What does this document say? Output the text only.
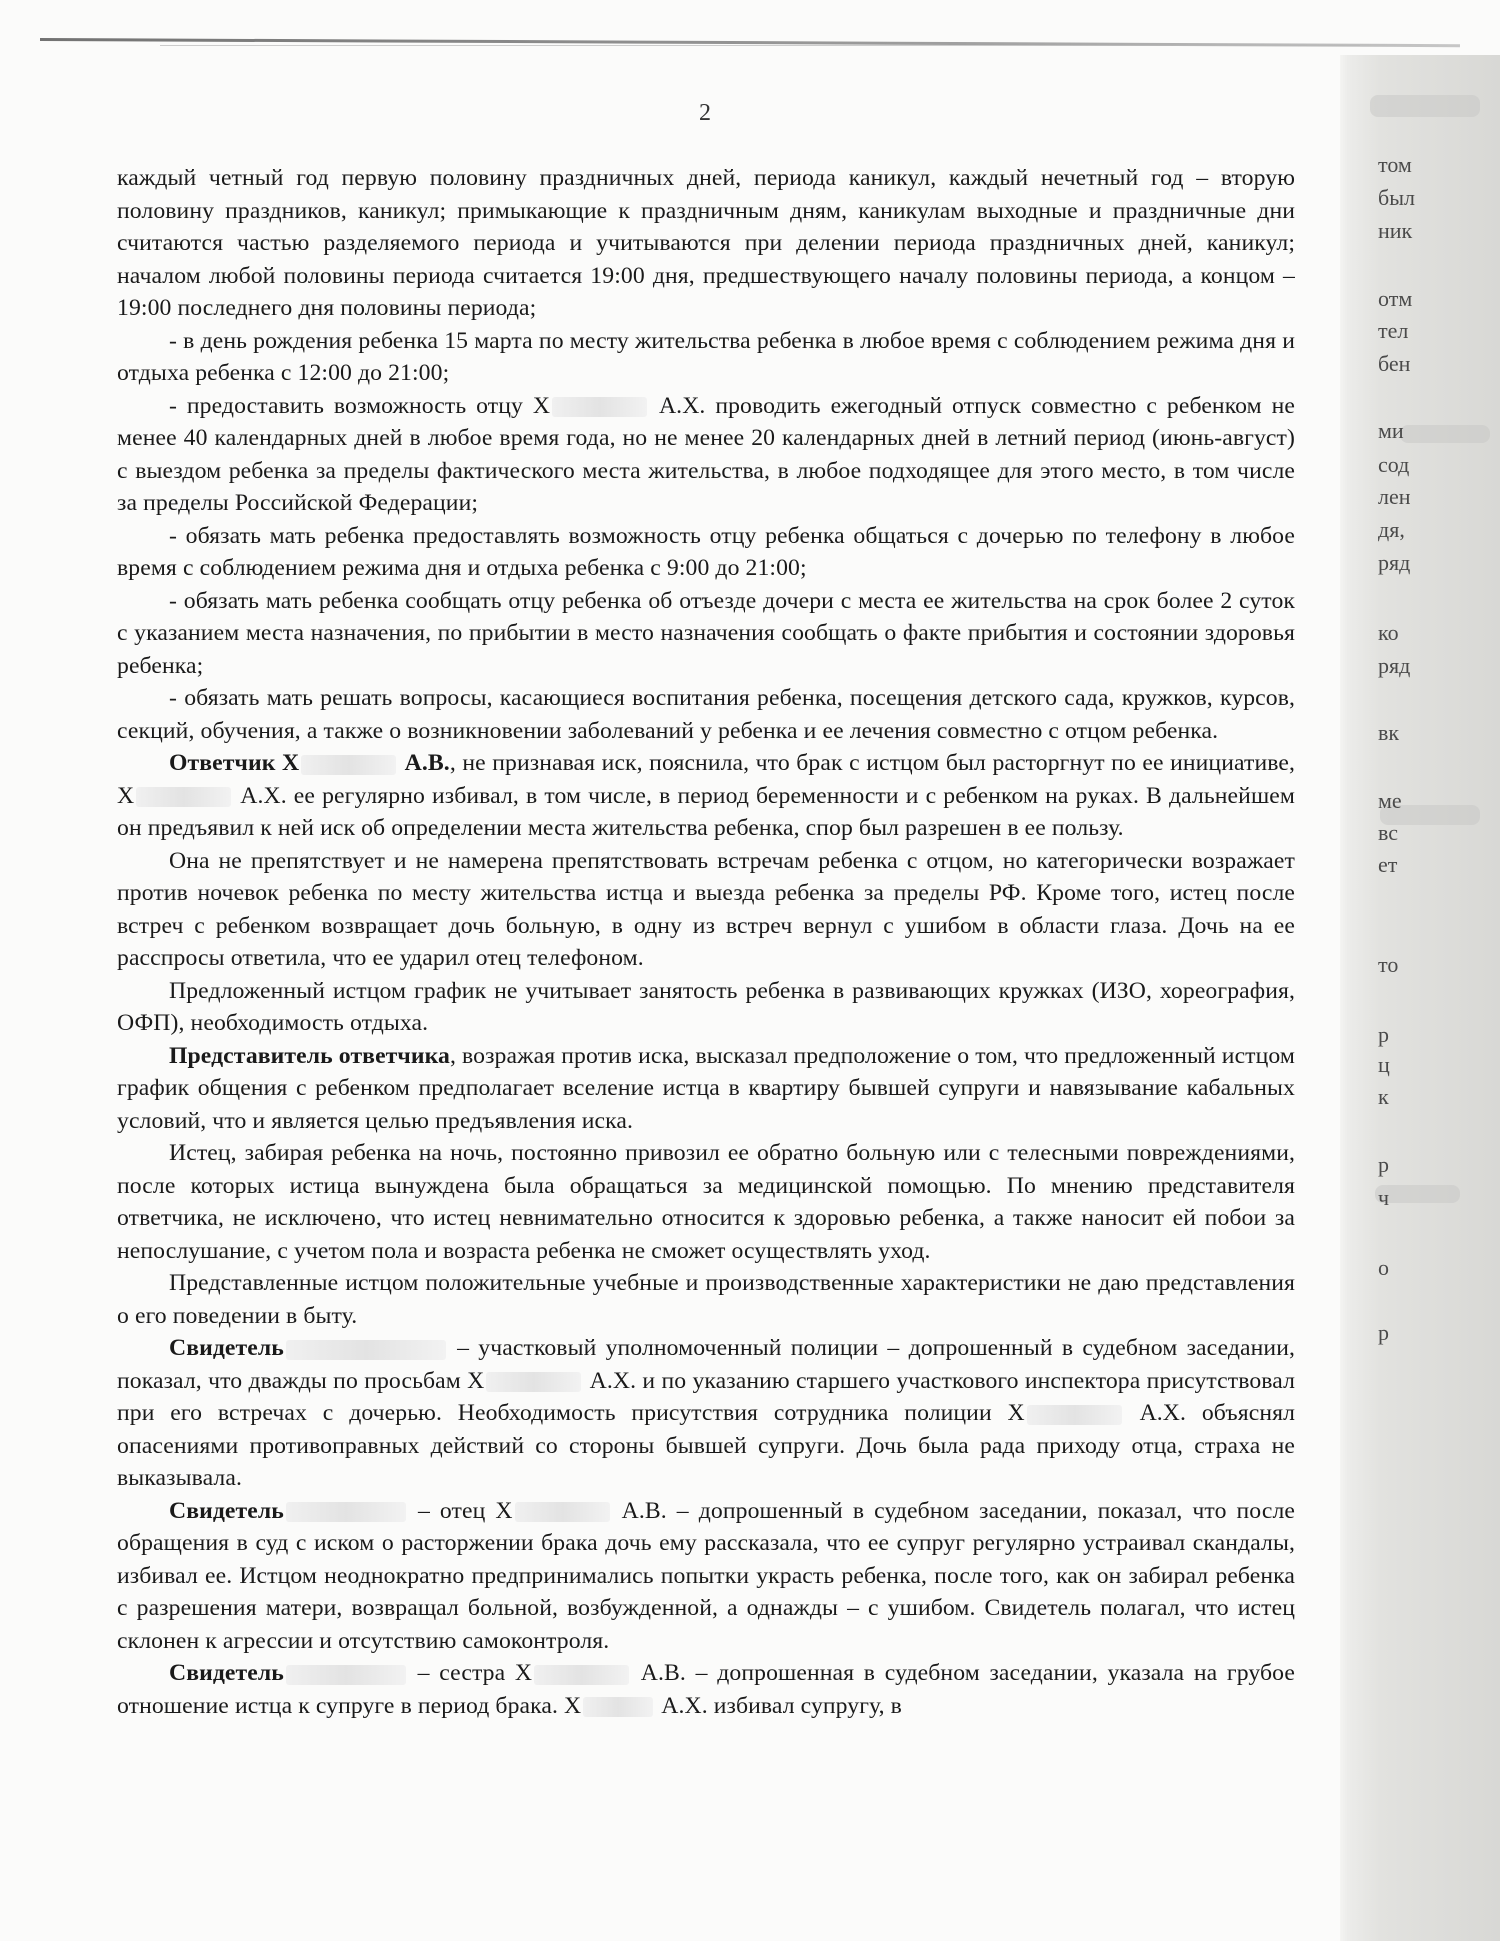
2

каждый четный год первую половину праздничных дней, периода каникул, каждый нечетный год – вторую половину праздников, каникул; примыкающие к праздничным дням, каникулам выходные и праздничные дни считаются частью разделяемого периода и учитываются при делении периода праздничных дней, каникул; началом любой половины периода считается 19:00 дня, предшествующего началу половины периода, а концом – 19:00 последнего дня половины периода;

- в день рождения ребенка 15 марта по месту жительства ребенка в любое время с соблюдением режима дня и отдыха ребенка с 12:00 до 21:00;

- предоставить возможность отцу Х	А.Х. проводить ежегодный отпуск совместно с ребенком не менее 40 календарных дней в любое время года, но не менее 20 календарных дней в летний период (июнь-август) с выездом ребенка за пределы фактического места жительства, в любое подходящее для этого место, в том числе за пределы Российской Федерации;

- обязать мать ребенка предоставлять возможность отцу ребенка общаться с дочерью по телефону в любое время с соблюдением режима дня и отдыха ребенка с 9:00 до 21:00;

- обязать мать ребенка сообщать отцу ребенка об отъезде дочери с места ее жительства на срок более 2 суток с указанием места назначения, по прибытии в место назначения сообщать о факте прибытия и состоянии здоровья ребенка;

- обязать мать решать вопросы, касающиеся воспитания ребенка, посещения детского сада, кружков, курсов, секций, обучения, а также о возникновении заболеваний у ребенка и ее лечения совместно с отцом ребенка.

Ответчик Х	А.В., не признавая иск, пояснила, что брак с истцом был расторгнут по ее инициативе, Х	А.Х. ее регулярно избивал, в том числе, в период беременности и с ребенком на руках. В дальнейшем он предъявил к ней иск об определении места жительства ребенка, спор был разрешен в ее пользу.

Она не препятствует и не намерена препятствовать встречам ребенка с отцом, но категорически возражает против ночевок ребенка по месту жительства истца и выезда ребенка за пределы РФ. Кроме того, истец после встреч с ребенком возвращает дочь больную, в одну из встреч вернул с ушибом в области глаза. Дочь на ее расспросы ответила, что ее ударил отец телефоном.

Предложенный истцом график не учитывает занятость ребенка в развивающих кружках (ИЗО, хореография, ОФП), необходимость отдыха.

Представитель ответчика, возражая против иска, высказал предположение о том, что предложенный истцом график общения с ребенком предполагает вселение истца в квартиру бывшей супруги и навязывание кабальных условий, что и является целью предъявления иска.

Истец, забирая ребенка на ночь, постоянно привозил ее обратно больную или с телесными повреждениями, после которых истица вынуждена была обращаться за медицинской помощью. По мнению представителя ответчика, не исключено, что истец невнимательно относится к здоровью ребенка, а также наносит ей побои за непослушание, с учетом пола и возраста ребенка не сможет осуществлять уход.

Представленные истцом положительные учебные и производственные характеристики не даю представления о его поведении в быту.

Свидетель	– участковый уполномоченный полиции – допрошенный в судебном заседании, показал, что дважды по просьбам Х	А.Х. и по указанию старшего участкового инспектора присутствовал при его встречах с дочерью. Необходимость присутствия сотрудника полиции Х	А.Х. объяснял опасениями противоправных действий со стороны бывшей супруги. Дочь была рада приходу отца, страха не выказывала.

Свидетель	– отец Х	А.В. – допрошенный в судебном заседании, показал, что после обращения в суд с иском о расторжении брака дочь ему рассказала, что ее супруг регулярно устраивал скандалы, избивал ее. Истцом неоднократно предпринимались попытки украсть ребенка, после того, как он забирал ребенка с разрешения матери, возвращал больной, возбужденной, а однажды – с ушибом. Свидетель полагал, что истец склонен к агрессии и отсутствию самоконтроля.

Свидетель	– сестра Х	А.В. – допрошенная в судебном заседании, указала на грубое отношение истца к супруге в период брака. Х	А.Х. избивал супругу, в

том
был
ник
отм
тел
бен
ми
сод
лен
дя,
ряд
ко
ряд
вк
ме
вс
ет
то
р
ц
к
р
ч
о
р
